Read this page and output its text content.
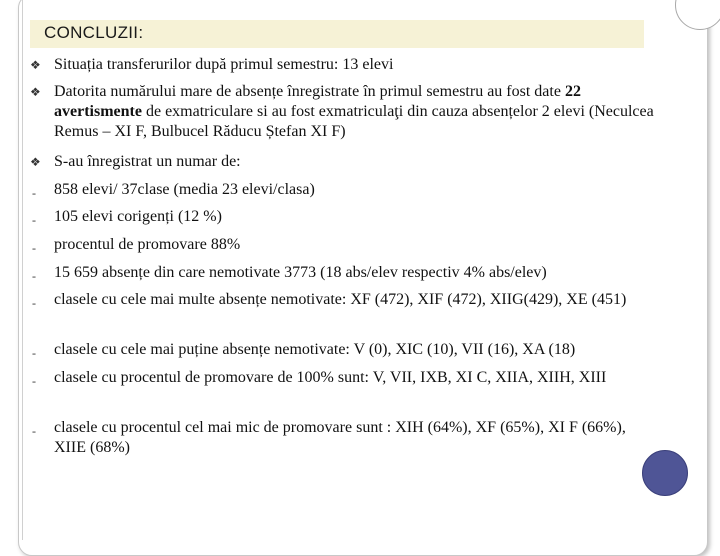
CONCLUZII:
❖ Situația transferurilor după primul semestru: 13 elevi
❖ Datorita numărului mare de absențe înregistrate în primul semestru au fost date 22 avertismente de exmatriculare si au fost exmatriculaţi din cauza absențelor 2 elevi (Neculcea Remus – XI F, Bulbucel Răducu Ștefan XI F)
❖ S-au înregistrat un numar de:
- 858 elevi/ 37clase (media 23 elevi/clasa)
- 105 elevi corigenți (12 %)
- procentul de promovare 88%
- 15 659 absențe din care nemotivate 3773 (18 abs/elev respectiv 4% abs/elev)
- clasele cu cele mai multe absențe nemotivate: XF (472), XIF (472), XIIG(429), XE (451)
- clasele cu cele mai puține absențe nemotivate: V (0), XIC (10), VII (16), XA (18)
- clasele cu procentul de promovare de 100% sunt: V, VII, IXB, XI C, XIIA, XIIH, XIII
- clasele cu procentul cel mai mic de promovare sunt : XIH (64%), XF (65%), XI F (66%), XIIE (68%)
